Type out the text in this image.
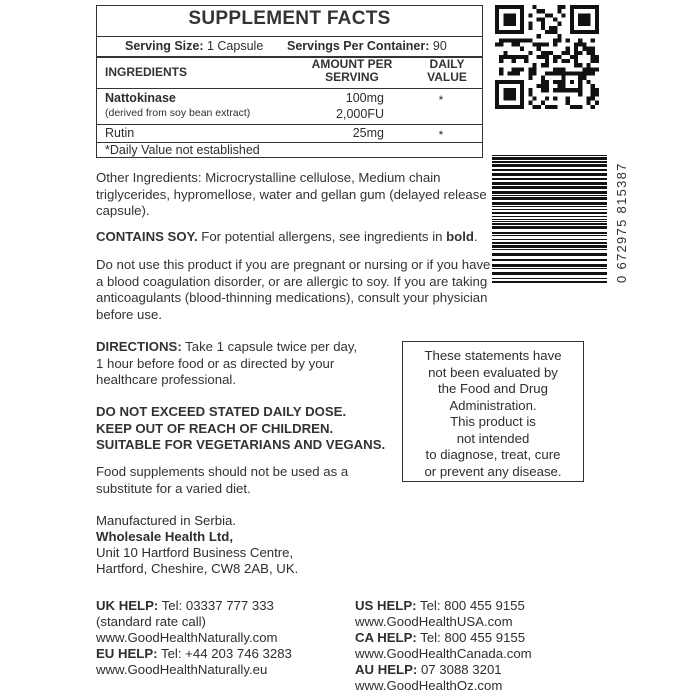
SUPPLEMENT FACTS
Serving Size: 1 Capsule Servings Per Container: 90
INGREDIENTS
AMOUNT PER
SERVING
DAILY
VALUE
Nattokinase
(derived from soy bean extract)
100mg
2,000FU
*
Rutin	25mg	*
*Daily Value not established
0 672975 815387
Other Ingredients: Microcrystalline cellulose, Medium chain triglycerides, hypromellose, water and gellan gum (delayed release capsule).
CONTAINS SOY. For potential allergens, see ingredients in bold.
Do not use this product if you are pregnant or nursing or if you have a blood coagulation disorder, or are allergic to soy. If you are taking anticoagulants (blood-thinning medications), consult your physician before use.
DIRECTIONS: Take 1 capsule twice per day, 1 hour before food or as directed by your healthcare professional.
DO NOT EXCEED STATED DAILY DOSE.
KEEP OUT OF REACH OF CHILDREN.
SUITABLE FOR VEGETARIANS AND VEGANS.
Food supplements should not be used as a substitute for a varied diet.
These statements have
not been evaluated by
the Food and Drug
Administration.
This product is
not intended
to diagnose, treat, cure
or prevent any disease.
Manufactured in Serbia.
Wholesale Health Ltd,
Unit 10 Hartford Business Centre,
Hartford, Cheshire, CW8 2AB, UK.
UK HELP: Tel: 03337 777 333
(standard rate call)
www.GoodHealthNaturally.com
EU HELP: Tel: +44 203 746 3283
www.GoodHealthNaturally.eu
US HELP: Tel: 800 455 9155
www.GoodHealthUSA.com
CA HELP: Tel: 800 455 9155
www.GoodHealthCanada.com
AU HELP: 07 3088 3201
www.GoodHealthOz.com
